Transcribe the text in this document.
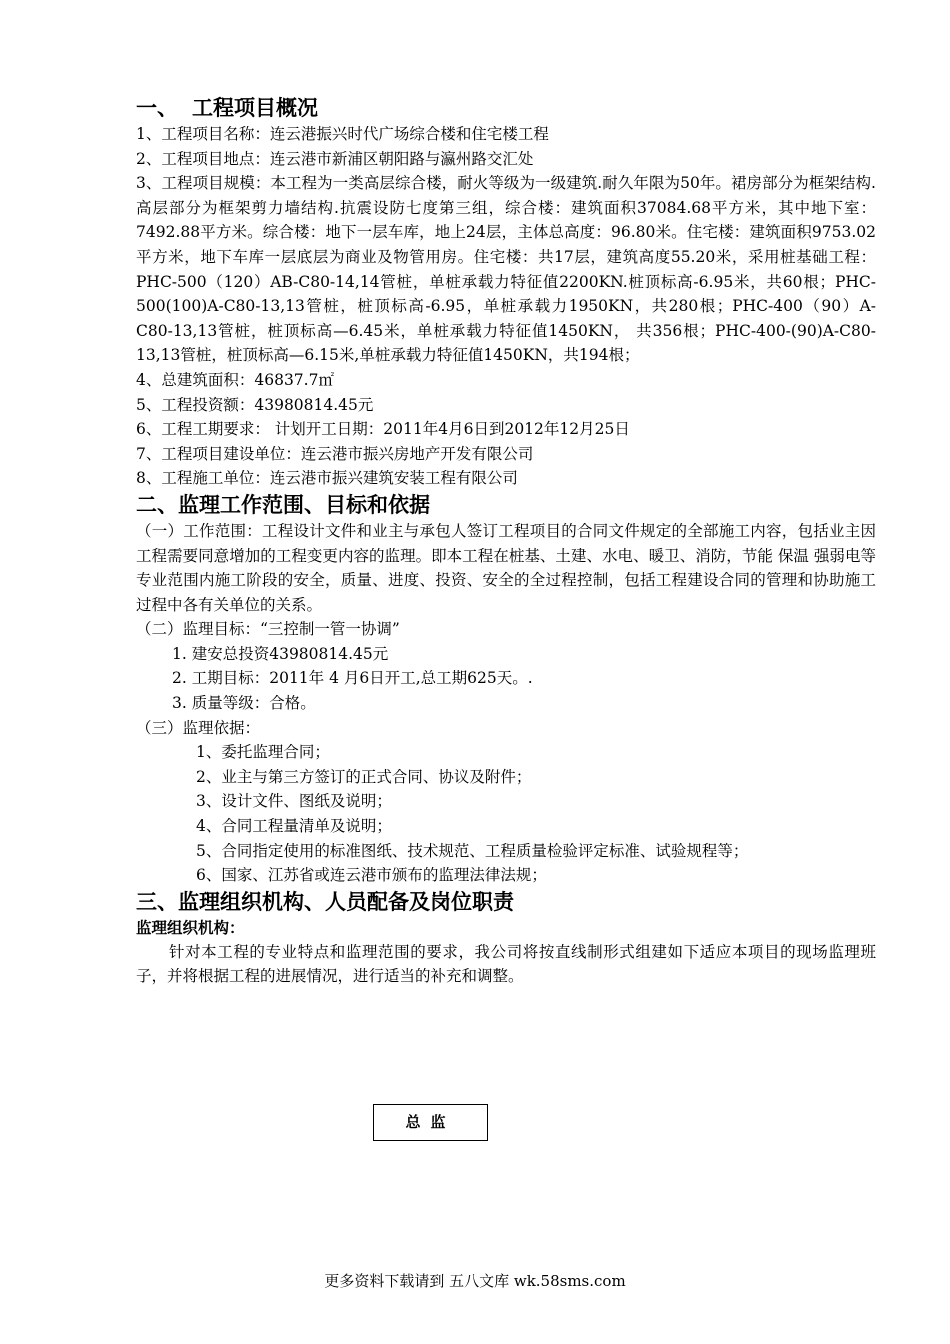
一、 工程项目概况

1、工程项目名称：连云港振兴时代广场综合楼和住宅楼工程

2、工程项目地点：连云港市新浦区朝阳路与瀛州路交汇处

3、工程项目规模：本工程为一类高层综合楼，耐火等级为一级建筑.耐久年限为50年。裙房部分为框架结构.高层部分为框架剪力墙结构.抗震设防七度第三组，综合楼：建筑面积37084.68平方米，其中地下室：7492.88平方米。综合楼：地下一层车库，地上24层，主体总高度：96.80米。住宅楼：建筑面积9753.02平方米，地下车库一层底层为商业及物管用房。住宅楼：共17层，建筑高度55.20米，采用桩基础工程：PHC-500（120）AB-C80-14,14管桩，单桩承载力特征值2200KN.桩顶标高-6.95米，共60根；PHC-500(100)A-C80-13,13管桩，桩顶标高-6.95，单桩承载力1950KN，共280根；PHC-400（90）A-C80-13,13管桩，桩顶标高—6.45米，单桩承载力特征值1450KN， 共356根；PHC-400-(90)A-C80-13,13管桩，桩顶标高—6.15米,单桩承载力特征值1450KN，共194根；

4、总建筑面积：46837.7㎡

5、工程投资额：43980814.45元

6、工程工期要求： 计划开工日期：2011年4月6日到2012年12月25日

7、工程项目建设单位：连云港市振兴房地产开发有限公司

8、工程施工单位：连云港市振兴建筑安装工程有限公司

二、监理工作范围、目标和依据

（一）工作范围：工程设计文件和业主与承包人签订工程项目的合同文件规定的全部施工内容，包括业主因工程需要同意增加的工程变更内容的监理。即本工程在桩基、土建、水电、暖卫、消防，节能 保温 强弱电等专业范围内施工阶段的安全，质量、进度、投资、安全的全过程控制，包括工程建设合同的管理和协助施工过程中各有关单位的关系。

（二）监理目标：“三控制一管一协调”

1. 建安总投资43980814.45元

2. 工期目标：2011年 4 月6日开工,总工期625天。.

3. 质量等级：合格。

（三）监理依据：

1、委托监理合同；

2、业主与第三方签订的正式合同、协议及附件；

3、设计文件、图纸及说明；

4、合同工程量清单及说明；

5、合同指定使用的标准图纸、技术规范、工程质量检验评定标准、试验规程等；

6、国家、江苏省或连云港市颁布的监理法律法规；

三、监理组织机构、人员配备及岗位职责

监理组织机构：

针对本工程的专业特点和监理范围的要求，我公司将按直线制形式组建如下适应本项目的现场监理班子，并将根据工程的进展情况，进行适当的补充和调整。

总监
更多资料下载请到 五八文库 wk.58sms.com
